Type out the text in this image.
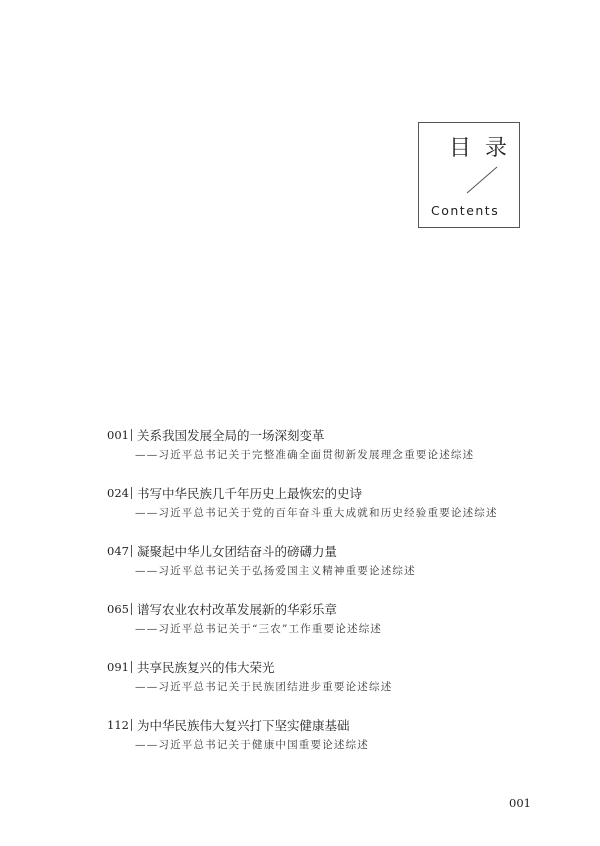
目录
Contents
001 关系我国发展全局的一场深刻变革
——习近平总书记关于完整准确全面贯彻新发展理念重要论述综述
024 书写中华民族几千年历史上最恢宏的史诗
——习近平总书记关于党的百年奋斗重大成就和历史经验重要论述综述
047 凝聚起中华儿女团结奋斗的磅礴力量
——习近平总书记关于弘扬爱国主义精神重要论述综述
065 谱写农业农村改革发展新的华彩乐章
——习近平总书记关于“三农”工作重要论述综述
091 共享民族复兴的伟大荣光
——习近平总书记关于民族团结进步重要论述综述
112 为中华民族伟大复兴打下坚实健康基础
——习近平总书记关于健康中国重要论述综述
001
